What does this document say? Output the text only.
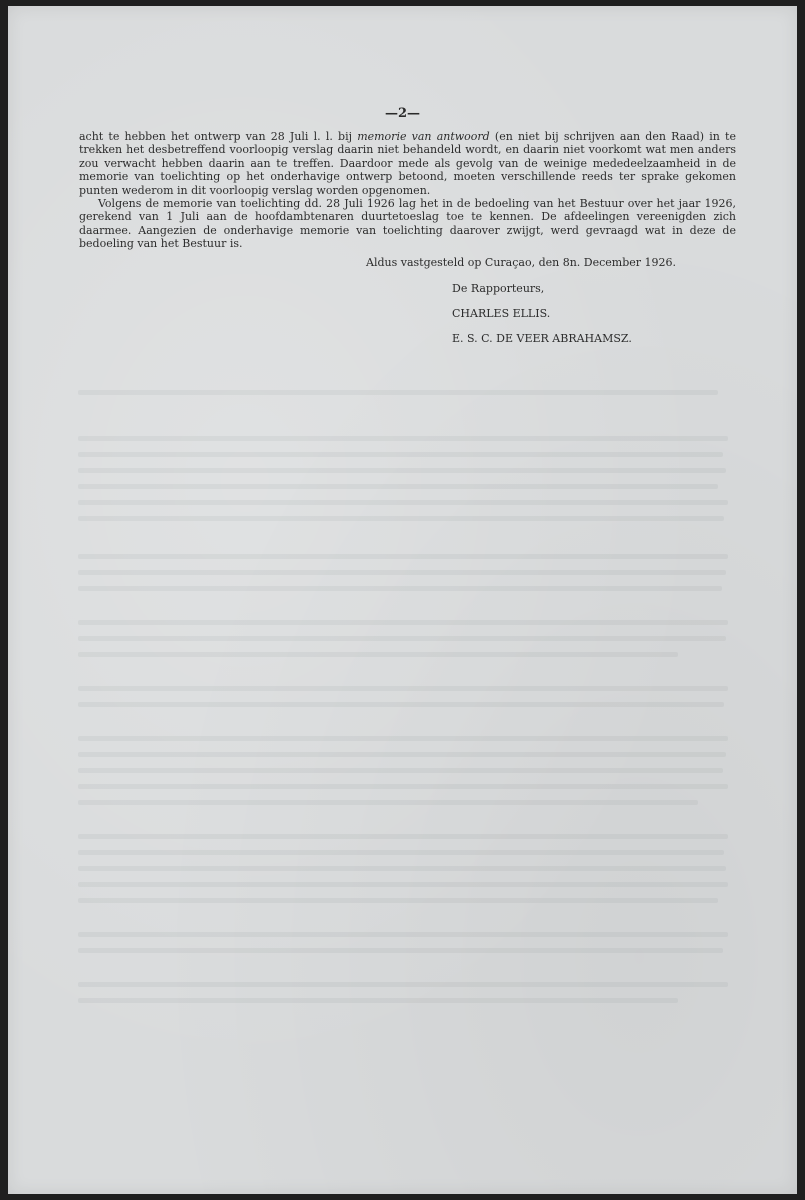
—2—

acht te hebben het ontwerp van 28 Juli l. l. bij memorie van antwoord (en niet bij schrijven aan den Raad) in te trekken het desbetreffend voorloopig verslag daarin niet behandeld wordt, en daarin niet voorkomt wat men anders zou verwacht hebben daarin aan te treffen. Daardoor mede als gevolg van de weinige mededeelzaamheid in de memorie van toelichting op het onderhavige ontwerp betoond, moeten verschillende reeds ter sprake gekomen punten wederom in dit voorloopig verslag worden opgenomen.

Volgens de memorie van toelichting dd. 28 Juli 1926 lag het in de bedoeling van het Bestuur over het jaar 1926, gerekend van 1 Juli aan de hoofdambtenaren duurtetoeslag toe te kennen. De afdeelingen vereenigden zich daarmee. Aangezien de onderhavige memorie van toelichting daarover zwijgt, werd gevraagd wat in deze de bedoeling van het Bestuur is.

Aldus vastgesteld op Curaçao, den 8n. December 1926.
De Rapporteurs,
CHARLES ELLIS.
E. S. C. DE VEER ABRAHAMSZ.
